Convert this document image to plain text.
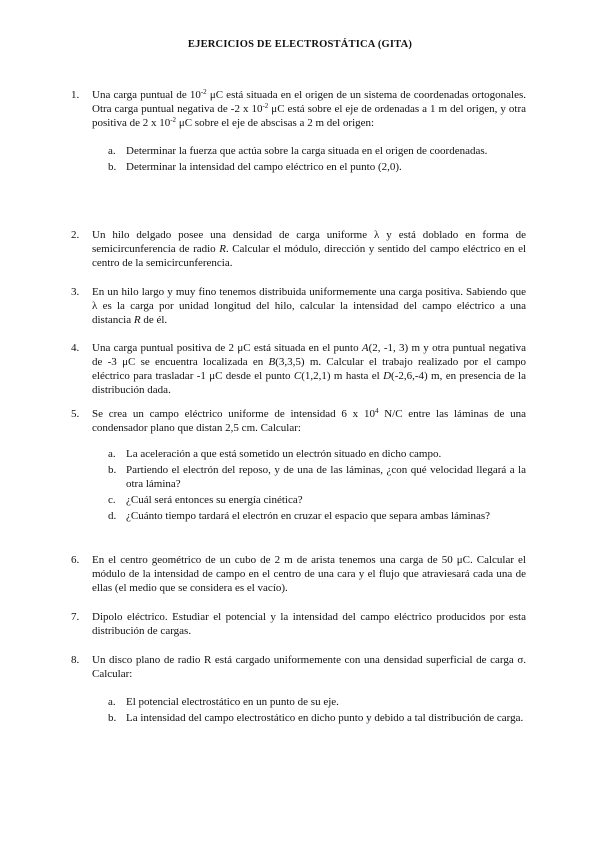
EJERCICIOS DE ELECTROSTÁTICA (GITA)
1. Una carga puntual de $10^{-2}$ μC está situada en el origen de un sistema de coordenadas ortogonales. Otra carga puntual negativa de -2 x $10^{-2}$ μC está sobre el eje de ordenadas a 1 m del origen, y otra positiva de 2 x $10^{-2}$ μC sobre el eje de abscisas a 2 m del origen:
a. Determinar la fuerza que actúa sobre la carga situada en el origen de coordenadas.
b. Determinar la intensidad del campo eléctrico en el punto (2,0).
2. Un hilo delgado posee una densidad de carga uniforme λ y está doblado en forma de semicircunferencia de radio R. Calcular el módulo, dirección y sentido del campo eléctrico en el centro de la semicircunferencia.
3. En un hilo largo y muy fino tenemos distribuida uniformemente una carga positiva. Sabiendo que λ es la carga por unidad longitud del hilo, calcular la intensidad del campo eléctrico a una distancia R de él.
4. Una carga puntual positiva de 2 μC está situada en el punto A(2, -1, 3) m y otra puntual negativa de -3 μC se encuentra localizada en B(3,3,5) m. Calcular el trabajo realizado por el campo eléctrico para trasladar -1 μC desde el punto C(1,2,1) m hasta el D(-2,6,-4) m, en presencia de la distribución dada.
5. Se crea un campo eléctrico uniforme de intensidad 6 x $10^4$ N/C entre las láminas de una condensador plano que distan 2,5 cm. Calcular:
a. La aceleración a que está sometido un electrón situado en dicho campo.
b. Partiendo el electrón del reposo, y de una de las láminas, ¿con qué velocidad llegará a la otra lámina?
c. ¿Cuál será entonces su energía cinética?
d. ¿Cuánto tiempo tardará el electrón en cruzar el espacio que separa ambas láminas?
6. En el centro geométrico de un cubo de 2 m de arista tenemos una carga de 50 μC. Calcular el módulo de la intensidad de campo en el centro de una cara y el flujo que atraviesará cada una de ellas (el medio que se considera es el vacío).
7. Dipolo eléctrico. Estudiar el potencial y la intensidad del campo eléctrico producidos por esta distribución de cargas.
8. Un disco plano de radio R está cargado uniformemente con una densidad superficial de carga σ. Calcular:
a. El potencial electrostático en un punto de su eje.
b. La intensidad del campo electrostático en dicho punto y debido a tal distribución de carga.
